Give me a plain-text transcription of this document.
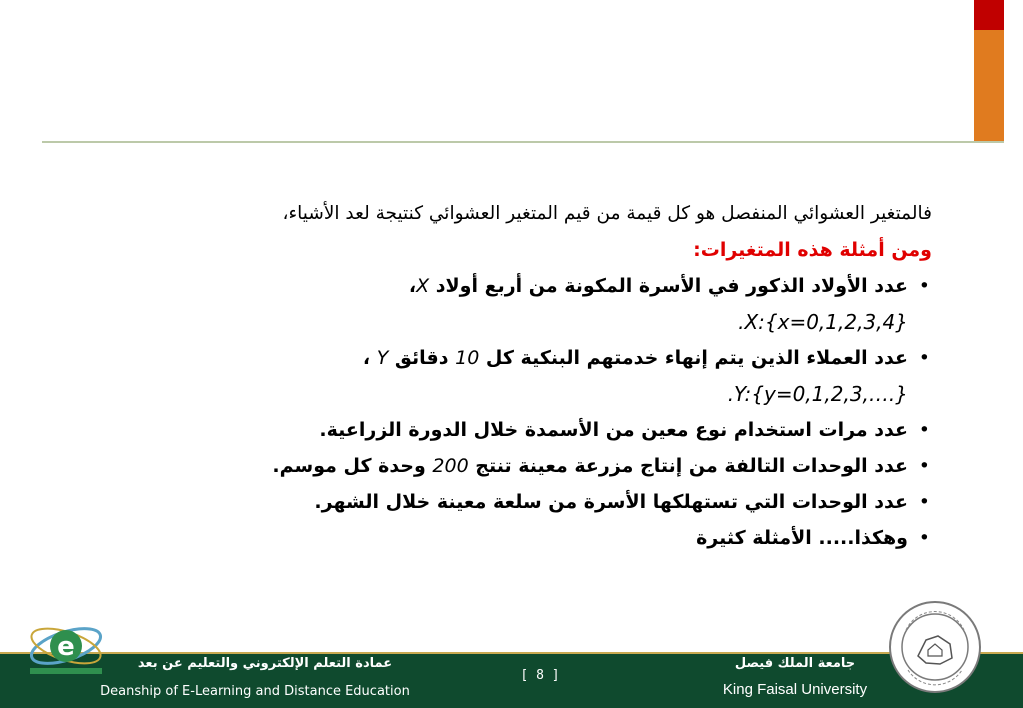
فالمتغير العشوائي المنفصل هو كل قيمة من قيم المتغير العشوائي كنتيجة لعد الأشياء،
ومن أمثلة هذه المتغيرات:
• عدد الأولاد الذكور في الأسرة المكونة من أربع أولاد X،
X:{x=0,1,2,3,4}.
• عدد العملاء الذين يتم إنهاء خدمتهم البنكية كل 10 دقائق Y ،
Y:{y=0,1,2,3,….}.
• عدد مرات استخدام نوع معين من الأسمدة خلال الدورة الزراعية.
• عدد الوحدات التالفة من إنتاج مزرعة معينة تنتج 200 وحدة كل موسم.
• عدد الوحدات التي تستهلكها الأسرة من سلعة معينة خلال الشهر.
• وهكذا..... الأمثلة كثيرة
e
عمادة التعلم الإلكتروني والتعليم عن بعد
Deanship of E-Learning and Distance Education
[ 8 ]
جامعة الملك فيصل
King Faisal University
